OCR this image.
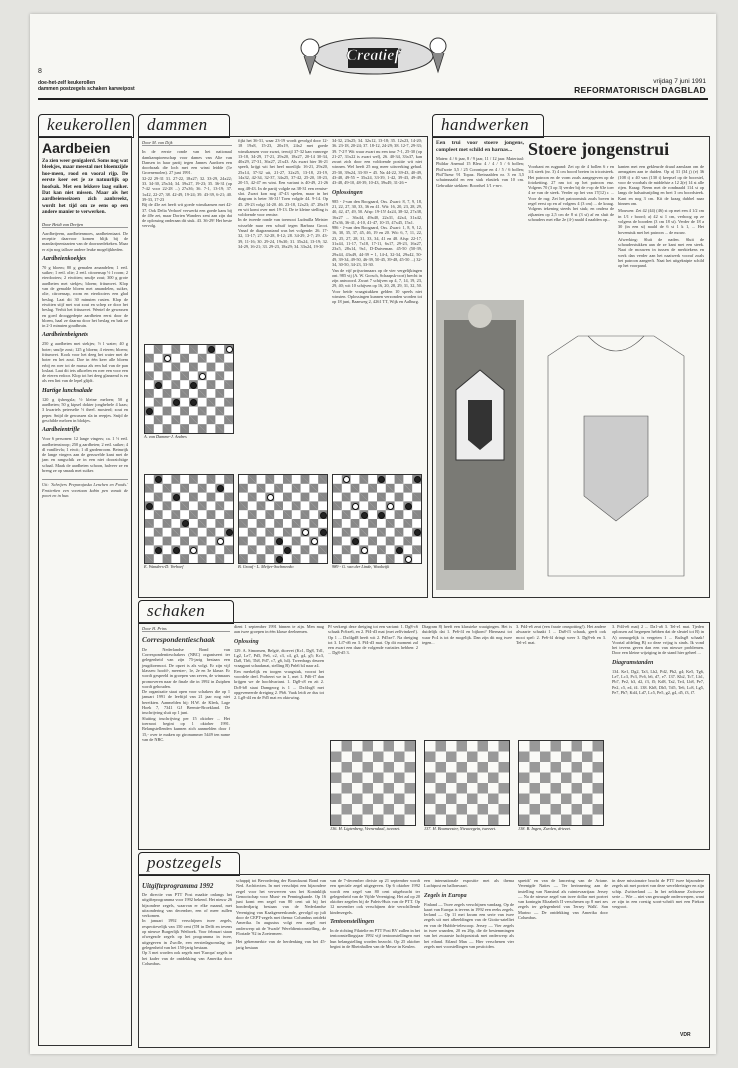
8
doe-het-zelf keukerollen
dammen postzegels schaken karweipost
Creatief
vrijdag 7 juni 1991
REFORMATORISCH DAGBLAD
keukerollen
Aardbeien
Zo zien weer genigalerd. Soms nog wat bleekjes, maar meestal met bloemzijde hoe-meen, rood en vooral rijp. De eerste keer eet je ze natuurlijk op hoofsak. Met een lekkere laag suiker. Dat kan niet missen. Maar als het aardbeienseizoen zich aanbreekt, wordt het tijd om ze eens op een andere manier te verwerken.
Door Heidi van Dreijen
Aardbeijeem, aardbeienmoes, aardbeientaart. De receptie daarvoor komen blijk bij de mandarijnentaarten van de doorsnedekeken. Maar er zijn nog talloze andere leuke mogelijkheden.
Aardbeienkoekjes
70 g bloem; 80 g gemalen amandelen; 1 eetl. suiker; 1 eetl. olie; 2 eetl. citroensap ½ l room; 2 eierdooiers; 2 eiwitten; snufje zout; 300 g grote aardbeien met stekjes; bloem; fritumvet. Klop van de gemalde bloem met amandelen, suiker, olie, citroensap, room en eierdooiers een glad beslag. Laat dit 30 minuten rusten. Klop de eiwitten stijf met wat zout en schep ze door het beslag. Verhit het frituurvet. Wentel de gewassen en goed drooggedepte aardbeien eerst door de bloem, haal ze daarna door het beslag en bak ze in 2-3 minuten goudbruin.
Aardbeienbeignets
250 g aardbeien met stekjes; ½ l water; 40 g boter; snufje zout; 125 g bloem; 4 eieren; bloem; fritumvet. Kook voor het deeg het water met de boter en het zout. Doe in één keer alle bloem erbij en roer tot de massa als een bal van de pan loslaat. Laat dit iets afkoelen en roer een voor een de eieren erdoor. Klop tot het deeg glanzend is en als een lint van de lepel glijdt.
Hartige lunchsalade
120 g ijsbergsla; ½ kleine meloen; 50 g aardbeien; 50 g kipsel dokter jonghehele 4 kaas; 3 kwartels peterselie ½ theel. mosterd; zout en peper. Snijd de gewassen sla in reepjes. Snijd de geschilde meloen in blokjes.
Aardbeientrifle
Voor 6 personen: 12 lange vingers; ca. 1 ½ eetl. aardbeiensiroop; 250 g aardbeien; 2 eetl. suiker; 4 dl vanillevla; 1 eiwit; 1 dl gardenroom. Beimrijk de lange vingers aan de geruwelde kant met de jam en rangschik ze in een niet doorzichtige schaal. Maak de aardbeien schoon, halveer ze en breng ze op smaak met suiker.
Uit: 'Schrijers Preparajaska Lenchen en Foods.' Frotterken een voortaan kabin pen vanuit de poort en in hun.
dammen
Door M. van Dijk

In de eerste ronde van het nationaal damkampioenschap voor dames van Alie van Dansen in haar partij tegen Jannes Aardoen een doorbraak die loch met een winst leidde (1e Groenemolen). 27 juni 1991.

32-22 29-31 31. 27-22, 18x27; 32. 33-29, 24x22; 33. 34-30, 25x34; 34. 39x27, 19-23; 35. 36-31 (op 7-42 voor 22-28 ...) 27x36; 36. 7-1, 13-19; 37. 1x42, 22-27; 38. 42-49, 19-24; 39. 43-39, 6-21; 40. 39-33, 17-23

Bij de 43e zet heeft wit goede winstkansen met 42-37. Ook Delia Verhoef verwerkt een goede kans bij de 40e zet, maar Dorien Wanders zent aan zijn dat de oplossing onderaan dit stuk. 43. 36-29! Het beste vervolg.

fijkt het 36-31, waar 23-19 wordt gevolgd door 12-18 19x8, 15-23, 20x19, 24x2 met goede winstkansen voor zwart, terwijl 37-32 kan vanwege 13-18, 34-29, 17-21, 29x20, 18x27, 20-14 30-34, 40x29, 27-31, 36x27, 21x43. Als zwart hier 36-21 speelt, krijgt wit het heel moeilijk: 16-21, 29x20, 25x14, 37-32 uit, 21-27, 32x25, 13-18, 23-19, 14x32, 42-34, 32-37, 34x25, 37-42, 25-20, 18-23, 20-15, 42-47 en wint. Een variant is 40-49, 21-26 nog 48-43. In de partij volgde na 38-31 een remise-slot. Zwart kon nog 47-43 spelen, maar in het diagram is beter 36-31! Toen volgde 44. 9-14. Op 45. 29-23 volgt 14-20. 46. 23-18, 12x23; 47. 28x19 en wit komt over met 19-13. De te kleine stelling is voldoende voor remise.

In de tweede ronde van toernooi Ludmilla Meister wisselde naar een schuif tegen Barbara Groot. Vanaf de diagramstand was het volgende: 26. 17-32, 13-17; 27. 32-28, 8-12; 28. 34-29, 2-7; 29. 43-39, 11-16; 30. 29-24, 19x30; 31. 35x24, 13-19; 32. 34-29, 16-21; 33. 29-23, 18x29; 34. 33x24, 19-30

34-32, 23x25; 34. 32x12, 13-18; 35. 12x23, 14-20; 36. 23-18, 20-24; 37. 18-12, 24-29; 38. 12-7, 29-33; 39. 7-2!! Wit waar zwart nu een tour 7-1, 25-30 (op 21-27, 31x22 is zwart wel), 26. 40-34, 33x37, kan zwart zich door een voldoende positie wit niet winnen. Wel heeft 25 nog meer uitwerking gehad. 25-30, 39x24, 33-39 = 45. Na 44-22, 39-43, 40-49, 43-48, 49-55 = 35x24, 33-39, 1-42, 39-43, 49-49, 43-48, 49-10, 48-39, 10-43, 39x49, 31-26 =

Oplossingen

985 - J-van den Boogaard, Oss. Zwart: 8, 7, 9, 18, 21, 22, 27, 30, 33, 36 en 41. Wit: 16, 20, 23, 28, 29, 40, 42, 47, 49, 50. Afsp: 19-15! 4x24, 38-32, 27x38, 16x27 ... 36x44, 49x40, 22x31, 42x4, 31x42, 47x36, 36-41, 4-10, 41-47, 10-15, 47x45, 15x1.

986 - J-van den Boogaard, Oss. Zwart: 1, 8, 9, 12, 16, 30, 35, 37, 45, 46, 19 en 20. Wit: 6, 7, 11, 22, 23, 25, 27, 28, 31, 33, 34, 41 en 48. Afsp: 22-17, 31x44, 11-17, 7x18, 17-11, 6x17, 29-23, 16x27, 23x5, 28x14, 9x1, D-Duiveman. 45-50 (50-39, 29x44, 43x49, 44-39 = 1, 14-4, 32-34, 29x42, 50-49, 39-34, 49-50, 46-39, 50-45, 39-48, 45-50 ...) 32-34, 30-50, 34-23, 33-30.

Van de vijf prijswinnaars op de vier vergelijkingen ont. 985 vij (A. W. Gorsch, Schaapsk-oort) brecht in zijn antwoord. Zwart 7 schijven op 4, 7, 14, 19, 23, 29, 40; wit 10 schijven op 16, 20, 28, 29, 31, 32, 50. Voor beide vraagstukken gelden 10 speels niet winsten. Oplossingen kunnen verzonden worden tot op 18 juni, Baanweg 2, 4261 TT, Wijk en Aalburg.

A. van Damme-J. Andres
E. Wanders-D. Verhoef	B. Graaf - L. Meijer-Sochmenko	989 - G. van der Linde, Waalwijk
handwerken
Een trui voor stoere jongens, compleet met schild en harnas...

Maten: 4 / 6 jaar, 8 / 9 jaar, 11 / 12 jaar. Materiaal: Phildar Anemal 15 Bleu: 4 / 4 / 5 / 6 bollen; Phil'sorte 3,5 / 25 Coronique en 4 / 5 / 6 bollen; Phil'Tueur 91 Topaz. Breinaalden nr. 3 en 3,5 schuimnaald en een stuk elastiek van 10 cm. Gebruikte stekken: Boordsel 1/1 r-m-r.

Stoere jongenstrui

Voorkant en rugpand: Zet op de 4 bollen 6 r en 1/4 steek (nr. 3) 4 cm boord breien in tricotsteek. Het patroon en de vorm zoals aangegeven op de fotoketting. 27 nm tot op het patroon enz. Volgens 70 (3 op 3) verder bij de r-op de 63e toer 4 ze van de steek. Verder op het van 17(12) r. ... Voor de rug: Zet het patroonstuk zoals boven in regel eerst op en af volgens 4 (3 cm) ... de kraag. Volgens tekening steeds het stuk; en ondera de zijkanten op 2,5 cm de 8 st (3 st) af en sluit de schouders met elke 2e (4-) naald 4 naalden op...

kanten met een gekleurde draad aanslaan om de armsgaten aan te duiden. Op a) 31 (34 j) (e) 36 (108 t) z 40 van (130 t) keepsel op de boorstel, voor de voorhals de middelste a 12 2(e) 14 st alle rijen. Kraag: Neem met de rondnaald 114 st op langs de halsuitsnijding en brei 3 cm boordsteek. Kant en nog 3 cm. Kit de kraag dubbel naar binnen om.

Mouwen: Zet 42 (44) (46) st op met een 4 1/2 cm in 1/1 r boord; a) 42 st 1 cm, verhoog op ze volgens de boorden (3 cm 18 st). Verder de 18 a 30 (in een st) naald de 6 st 1 k 1, ... Het bovenstuk met het patroon ... de mouw.

Afwerking: Sluit de naden. Sluit de schouderstukken aan de ze kant met een steek. Naai de mouwen in tussen de merktekens en werk dan verder aan het naaiwerk vooraf zoals het patroon aangeeft. Naai het uitgeknipte schild op het voorpand.

schaken
Door H. Prins
Correspondentieschaak

De Nederlandse Bond van Correspondentieschakers (NBC) organiseert ter gelegenheid van zijn 75-jarig bestaan een jeugdtoernooi. De opzet is als volgt. Er zijn vijf klassen: hoofd-, meester-, 1e, 2e en 3e klasse. Er wordt gespeeld in groepen van zeven, de winnaars promoveren naar de finale die in 1992 in Zutphen wordt gehouden.

De organisatie staat open voor schakers die op 1 januari 1991 de leeftijd van 21 jaar nog niet bereikten. Aanmelden bij: H.W. de Klerk, Lage Hoek 7, 7341 GJ Beemte-Broekland. De inschrijving sluit op 1 juni.

Sluiting inschrijving per 15 oktober ... Het toernooi begint op 1 oktober 1991. Belangstellenden kunnen zich aanmelden door f 15,- over te maken op gironummer 5449 ten name van de NBC.

dient 1 september 1991 binnen te zijn. Men mag aan twee groepen in één klasse deelnemen.

Oplossing

129. A. Simonsen, België, dtoevet (Kc1, Dg8, Td1, Lg2, Le7, Pd5, Pe6, c2, c3, c4, g3, g4, g5; Kc3, Da8, Th6, Th8, Pd7, c7, g6, h4). Tweedrags deuren vraagpart schaakmat, stelling B) Pnb6 b4 naar a4.

Een merkelijk en toogen vraagstuk, voorat het voordele deel. Probeert we in 1, met 1. Pd6-f7 dan krijgen we de hoofdvariant. 1. Dg8-c8 en zit 2. Dc8-b8 staat Damgeorg is 1 ... Dxf4xg8 met opgeveneerde dreiging 2. Pb6. Vaak leidt ze dus tot 2. Lg8-d4 en de Pd5 mat en oktowing.

Pf verkregt deze dreiging tot een variant: 1. Dg8-c6 schaak Pc6xe6, en 2. Pf4-d3 mat (met zelfvindzet!). Op 1 ... Dxf4gd8 heeft wit 2. Pd5xe7. Na dreiging tot 3. Lf7-d6 en 3. Pf4-d3 mat. Op dit moment zal een zwart een daar de volgende variaties hebben: 2 ... Dg8-d5 3.

Diagram 8) heeft een klassieke waaigingen. Het is duidelijk dat 1. Pe6-f4 en bijkom? Hiernaast tot waar Pc4 is tot de mogelijk. Dan zijn dit nog twee tegen...

3. Pd4-e6 zeat (een fraaie omspotting!). Het andere alwaarie schaakt 1 ... Da8-f3 schaak, geeft ook mooi spel: 2. Pe6-f4 dringt weer 3. Dg8-eh en 3. Tel-e1 mat.

3. Pd4-e6 mat) 2 ... Da1-a6 3. Tel-e1 mat. Tjeden oplossen zal begrepen hebben dat de sleutel tot B) in A) onmogelijk is vergeten 1 ... Ba4xg8 schaak! Voortal afdeling B) zo deze vrijag is sinds. Ik vond het tevens geven dan een van nieuwe problemen. Door een kleine wijziging in de stand hier geheel ...

Diagramstanden

134. Ke1, Dg2, Ta3, Lh2, Pd2, Pb2, g4; Ke5, Tg6, Le7, Lc3, Pc3, Pc6, b6, d7, e7. 137. Kb2, Tc7, Lb1, Pb7, Pe2, b3, d2, f3, f5; Kd8, Ta2, Te4, Lb8, Pe7, Pe2, c5, e4, f4. 138. Kh8, Dh5, Td5, Te6, Lc8, Lg5, Pe7, Pb7; Kd4, Ld7, Lc5, Pe5, g2, g4, d5, f3, f7.

136. H. Ligtenberg, Veenendaal, tweezet.	137. H. Boumeester, Nieuwegein, tweezet.	138. B. Ingen, Zwolen, driezet.
postzegels
Uitgifteprogramma 1992

De directie van PTT Post maakte onlangs het uitgifteprogramma voor 1992 bekend. Het nieuw 26 bijzondere zegels, waarvan er elke maand, met uitzondering van december, een of meer zullen verkomen.

In januari 1992 verschijnen twee zegels, respectievelijk van 150 cent (TH in Delft en tevens op nieuwe Burgerlijk Wetboek. Voor februari staan ofwegezde zegels op het programma in twee, uitgegeven in Zwolle, een eerstedagsomslag ter gelegenheid van het 150-jarig bestaan.

Op 3 mei worden ook zegels met 'Europa' zegels in het kader van de ontdekking van Amerika door Columbus.

schappij tot Bevordering der Bouwkunst Bond van Ned. Architecten. In mei verschijnt een bijzondere zegel voor het verwerven van het Koninklijk Genootschap voor Munt- en Penningkunde. Op 16 juni komt een zegel van 80 cent uit bij het honderdjarig bestaan van de Nederlandse Vereniging van Kaakgeneeskunde, gevolgd op juli door de CEPT-zegels met thema: Columbus ontdekt Amerika. In augustus volgt een zegel met onderwerp uit de 'Swade' Wereldtentoonstelling, de Floriade '92 in Zoetermeer.

Het gekenmerkte van de herdenking van het 45-jarig bestaan

van de 7-december divisie op 21 september wordt een speciale zegel uitgegeven. Op 6 oktober 1992 wordt een zegel van 80 cent uitgebracht ter gelegenheid van de Vijfde Vereniging. Het zal op 20 oktober zegelen bij de Paleis-Huis van de PTT. Op 12 november ook verschijnen drie verschillende kinderzegels.

Tentoonstellingen

In de richting Filatelie en PTT Post BV zullen in het tentoonstellingsjaar 1992 vijf tentoonstellingen met hun belangstelling worden bezocht. Op 25 oktober begint in de Rheinhallen van de Messe in Keulen.

een internationale expositie met als thema Luchtpost en ballonvaart.

Zegels in Europa

Finland — Twee zegels verschijnen vandaag. Op de kaart van Europa is tevens in 1992 een reeks zegels. Ierland — Op 11 mei kwam een serie van twee zegels uit met afbeeldingen van de Giotto-satelliet en van de Hubble-telescoop. Jersey — Vier zegels in twee waarden, 20 en 26p, die de bestemmingen van het zwaarste luchtpoststuk met onderwerp als het eiland. Eiland Man — Hier verschenen vier zegels met voorstellingen van pesticiden.

spreidt' en van de lancering van de Ariane. Verenigde Naties — Ter herinnering aan de instelling van Nansinal als ruimtevaartjaar. Jersey — Na de nieuwe zegel van twee dollar met portret van koningin Elizabeth II verschenen op 8 mei zes zegels ter gelegenheid van 'Jersey Walk'. San Marino — De ontdekking van Amerika door Columbus.

in deze missionaire bracht de PTT twee bijzondere zegels uit met portret van deze wereldreiziger en zijn schip. Zwitserland — In het zeldzame Zwitserse serie ... Wie ... niet van gewaagde onderwerpen, want ze zijn in een roestig soort-schrift met een Piekon vergroot.

VDR
